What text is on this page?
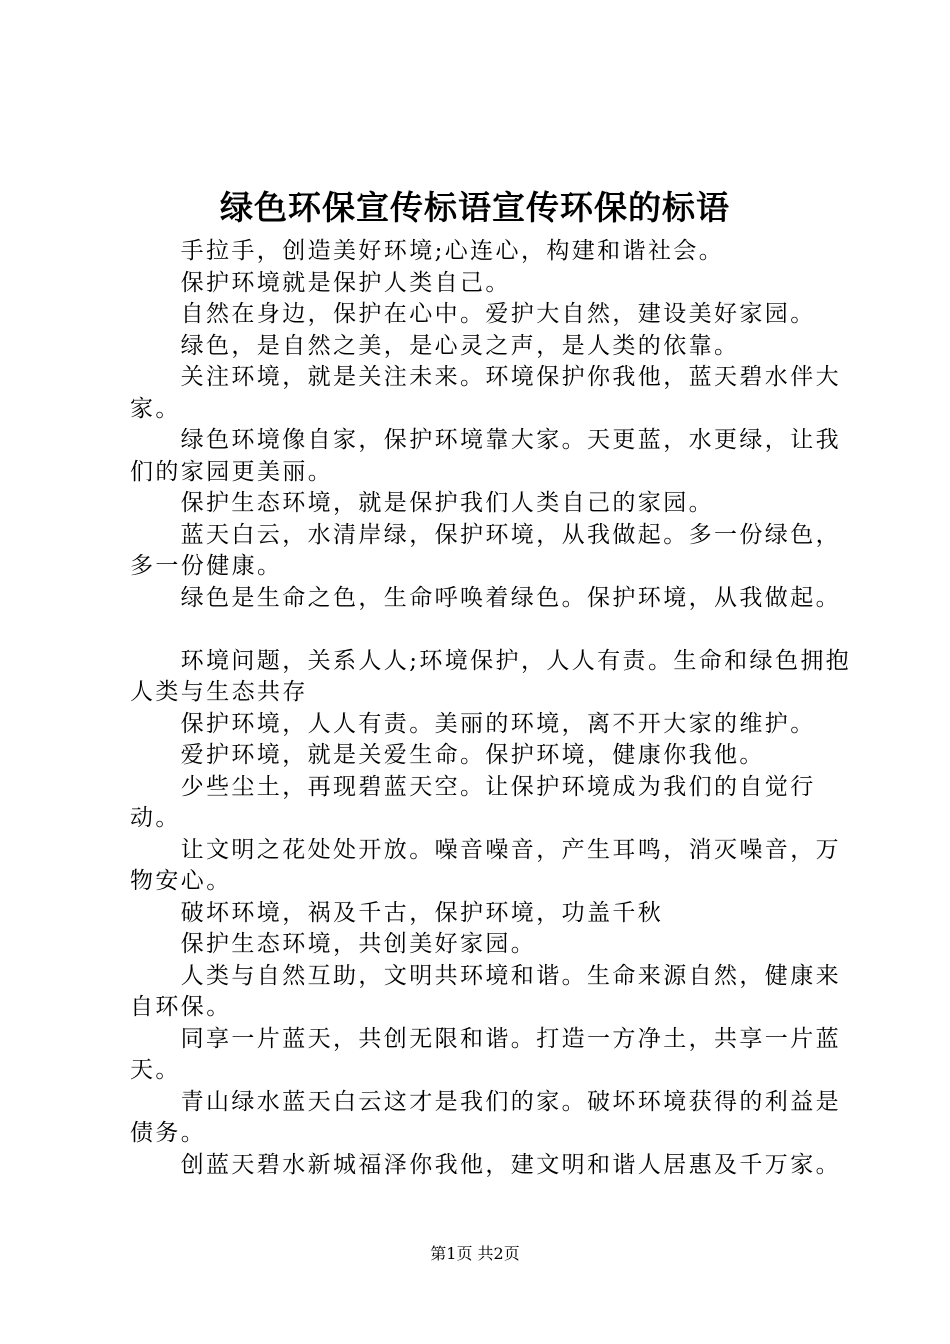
绿色环保宣传标语宣传环保的标语

手拉手，创造美好环境;心连心，构建和谐社会。

保护环境就是保护人类自己。

自然在身边，保护在心中。爱护大自然，建设美好家园。

绿色，是自然之美，是心灵之声，是人类的依靠。

关注环境，就是关注未来。环境保护你我他，蓝天碧水伴大家。

绿色环境像自家，保护环境靠大家。天更蓝，水更绿，让我们的家园更美丽。

保护生态环境，就是保护我们人类自己的家园。

蓝天白云，水清岸绿，保护环境，从我做起。多一份绿色，多一份健康。

绿色是生命之色，生命呼唤着绿色。保护环境，从我做起。

环境问题，关系人人;环境保护，人人有责。生命和绿色拥抱人类与生态共存

保护环境，人人有责。美丽的环境，离不开大家的维护。

爱护环境，就是关爱生命。保护环境，健康你我他。

少些尘土，再现碧蓝天空。让保护环境成为我们的自觉行动。

让文明之花处处开放。噪音噪音，产生耳鸣，消灭噪音，万物安心。

破坏环境，祸及千古，保护环境，功盖千秋

保护生态环境，共创美好家园。

人类与自然互助，文明共环境和谐。生命来源自然，健康来自环保。

同享一片蓝天，共创无限和谐。打造一方净土，共享一片蓝天。

青山绿水蓝天白云这才是我们的家。破坏环境获得的利益是债务。

创蓝天碧水新城福泽你我他，建文明和谐人居惠及千万家。

第1页 共2页
